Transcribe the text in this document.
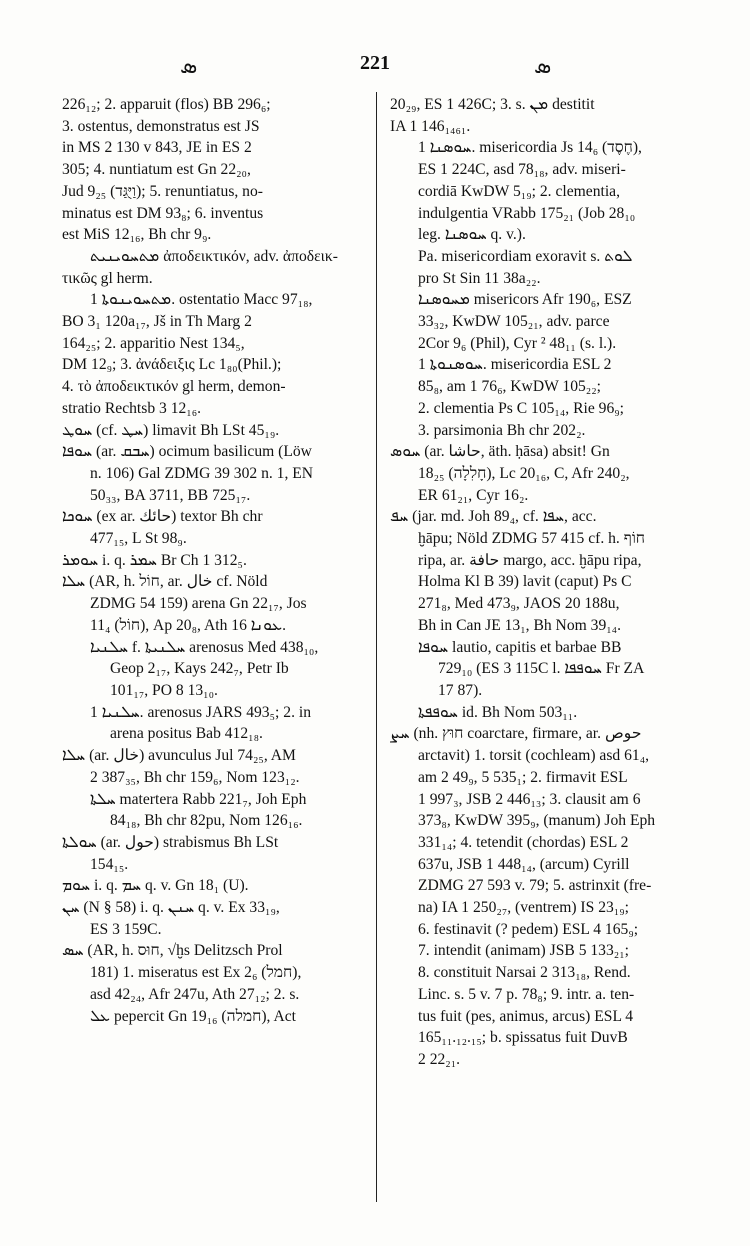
ܣ	221	ܣ
226₁₂; 2. apparuit (flos) BB 296₆;
3. ostentus, demonstratus est JS
in MS 2 130 v 843, JE in ES 2
305; 4. nuntiatum est Gn 22₂₀,
Jud 9₂₅ (וַיֻּגַּד); 5. renuntiatus, no-
minatus est DM 93₈; 6. inventus
est MiS 12₁₆, Bh chr 9₉.
ܡܬܚܘܝܢܝܬ ἀποδεικτικόν, adv. ἀποδεικ-
τικῶς gl herm.
ܡܬܚܘܝܢܘܬܐ 1. ostentatio Macc 97₁₈,
BO 3₁ 120a₁₇, Jš in Th Marg 2
164₂₅; 2. apparitio Nest 134₅,
DM 12₉; 3. ἀνάδειξις Lc 1₈₀(Phil.);
4. τὸ ἀποδεικτικόν gl herm, demon-
stratio Rechtsb 3 12₁₆.
ܚܘܛ (cf. ܚܛ) limavit Bh LSt 45₁₉.
ܚܘܦܐ (ar. ܚܒܩ) ocimum basilicum (Löw
n. 106) Gal ZDMG 39 302 n. 1, EN
50₃₃, BA 3711, BB 725₁₇.
ܚܘܟܐ (ex ar. حائك) textor Bh chr
477₁₅, L St 98₉.
ܚܘܡܪ i. q. ܚܡܪ Br Ch 1 312₅.
ܚܠܐ (AR, h. חוֹל, ar. خال cf. Nöld
ZDMG 54 159) arena Gn 22₁₇, Jos
11₄ (חוֹל), Ap 20₈, Ath ܥܘܢܐ 16.
ܚܠܢܝܐ f. ܚܠܢܝܬܐ arenosus Med 438₁₀,
Geop 2₁₇, Kays 242₇, Petr Ib
101₁₇, PO 8 13₁₀.
ܚܠܢܝܐ 1. arenosus JARS 493₅; 2. in
arena positus Bab 412₁₈.
ܚܠܐ (ar. خال) avunculus Jul 74₂₅, AM
2 387₃₅, Bh chr 159₆, Nom 123₁₂.
ܚܠܬܐ matertera Rabb 221₇, Joh Eph
84₁₈, Bh chr 82pu, Nom 126₁₆.
ܚܘܠܬܐ (ar. حول) strabismus Bh LSt
154₁₅.
ܚܘܡ i. q. ܚܡ q. v. Gn 18₁ (U).
ܚܢ (N § 58) i. q. ܚܢܢ q. v. Ex 33₁₉,
ES 3 159C.
ܚܣ (AR, h. חוּס, √ḫs Delitzsch Prol
181) 1. miseratus est Ex 2₆ (חמל),
asd 42₂₄, Afr 247u, Ath 27₁₂; 2. s.
ܥܠ pepercit Gn 19₁₆ (חמלה), Act
20₂₉, ES 1 426C; 3. s. ܡܢ destitit
IA 1 146₁₄₆₁.
ܚܘܣܢܐ 1. misericordia Js 14₆ (חֶסֶד),
ES 1 224C, asd 78₁₈, adv. miseri-
cordiā KwDW 5₁₉; 2. clementia,
indulgentia VRabb 175₂₁ (Job 28₁₀
leg. ܚܘܣܢܐ q. v.).
Pa. misericordiam exoravit s. ܠܘܬ
pro St Sin 11 38a₂₂.
ܡܚܘܣܢܐ misericors Afr 190₆, ESZ
33₃₂, KwDW 105₂₁, adv. parce
2Cor 9₆ (Phil), Cyr ² 48₁₁ (s. l.).
ܚܘܣܢܘܬܐ 1. misericordia ESL 2
85₈, am 1 76₆, KwDW 105₂₂;
2. clementia Ps C 105₁₄, Rie 96₉;
3. parsimonia Bh chr 202₂.
ܚܘܣ (ar. حاشا, äth. ḥāsa) absit! Gn
18₂₅ (חָלִלָה), Lc 20₁₆, C, Afr 240₂,
ER 61₂₁, Cyr 16₂.
ܚܦ (jar. md. Joh 89₄, cf. ܚܦܐ, acc.
ḫāpu; Nöld ZDMG 57 415 cf. h. חוֹף
ripa, ar. حافة margo, acc. ḫāpu ripa,
Holma Kl B 39) lavit (caput) Ps C
271₈, Med 473₉, JAOS 20 188u,
Bh in Can JE 13₁, Bh Nom 39₁₄.
ܚܘܦܐ lautio, capitis et barbae BB
729₁₀ (ES 3 115C l. ܚܘܦܦܐ Fr ZA
17 87).
ܚܘܦܦܬܐ id. Bh Nom 503₁₁.
ܚܨ (nh. חוּץ coarctare, firmare, ar. حوص
arctavit) 1. torsit (cochleam) asd 61₄,
am 2 49₉, 5 535₁; 2. firmavit ESL
1 997₃, JSB 2 446₁₃; 3. clausit am 6
373₈, KwDW 395₉, (manum) Joh Eph
331₁₄; 4. tetendit (chordas) ESL 2
637u, JSB 1 448₁₄, (arcum) Cyrill
ZDMG 27 593 v. 79; 5. astrinxit (fre-
na) IA 1 250₂₇, (ventrem) IS 23₁₉;
6. festinavit (? pedem) ESL 4 165₉;
7. intendit (animam) JSB 5 133₂₁;
8. constituit Narsai 2 313₁₈, Rend.
Linc. s. 5 v. 7 p. 78₈; 9. intr. a. ten-
tus fuit (pes, animus, arcus) ESL 4
165₁₁.₁₂.₁₅; b. spissatus fuit DuvB
2 22₂₁.
